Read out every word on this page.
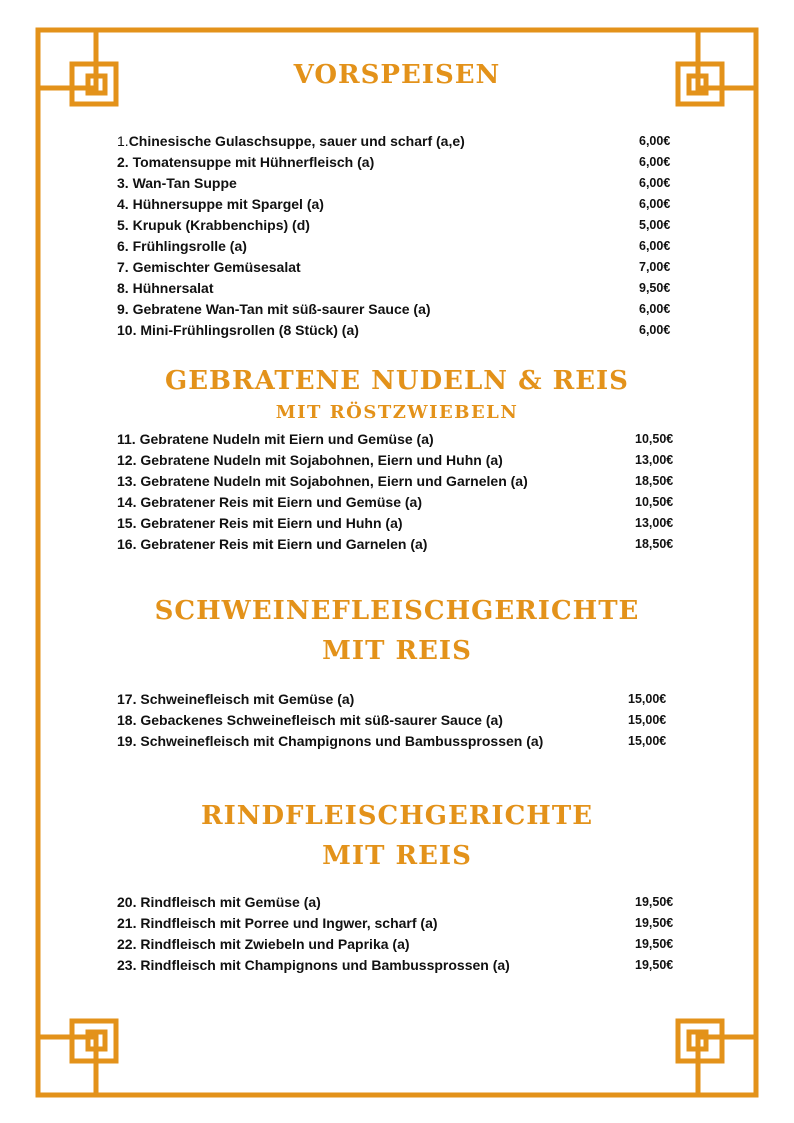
VORSPEISEN
1.Chinesische Gulaschsuppe, sauer und scharf (a,e)	6,00€
2. Tomatensuppe mit Hühnerfleisch (a)	6,00€
3. Wan-Tan Suppe	6,00€
4. Hühnersuppe mit Spargel (a)	6,00€
5. Krupuk (Krabbenchips) (d)	5,00€
6. Frühlingsrolle (a)	6,00€
7. Gemischter Gemüsesalat	7,00€
8. Hühnersalat	9,50€
9. Gebratene Wan-Tan mit süß-saurer Sauce (a)	6,00€
10. Mini-Frühlingsrollen (8 Stück) (a)	6,00€
GEBRATENE NUDELN & REIS
MIT RÖSTZWIEBELN
11. Gebratene Nudeln mit Eiern und Gemüse (a)	10,50€
12. Gebratene Nudeln mit Sojabohnen, Eiern und Huhn (a)	13,00€
13. Gebratene Nudeln mit Sojabohnen, Eiern und Garnelen (a)	18,50€
14. Gebratener Reis mit Eiern und Gemüse (a)	10,50€
15. Gebratener Reis mit Eiern und Huhn (a)	13,00€
16. Gebratener Reis mit Eiern und Garnelen (a)	18,50€
SCHWEINEFLEISCHGERICHTE
MIT REIS
17. Schweinefleisch mit Gemüse (a)	15,00€
18. Gebackenes Schweinefleisch mit süß-saurer Sauce (a)	15,00€
19. Schweinefleisch mit Champignons und Bambussprossen (a)	15,00€
RINDFLEISCHGERICHTE
MIT REIS
20. Rindfleisch mit Gemüse (a)	19,50€
21. Rindfleisch mit Porree und Ingwer, scharf (a)	19,50€
22. Rindfleisch mit Zwiebeln und Paprika (a)	19,50€
23. Rindfleisch mit Champignons und Bambussprossen (a)	19,50€
